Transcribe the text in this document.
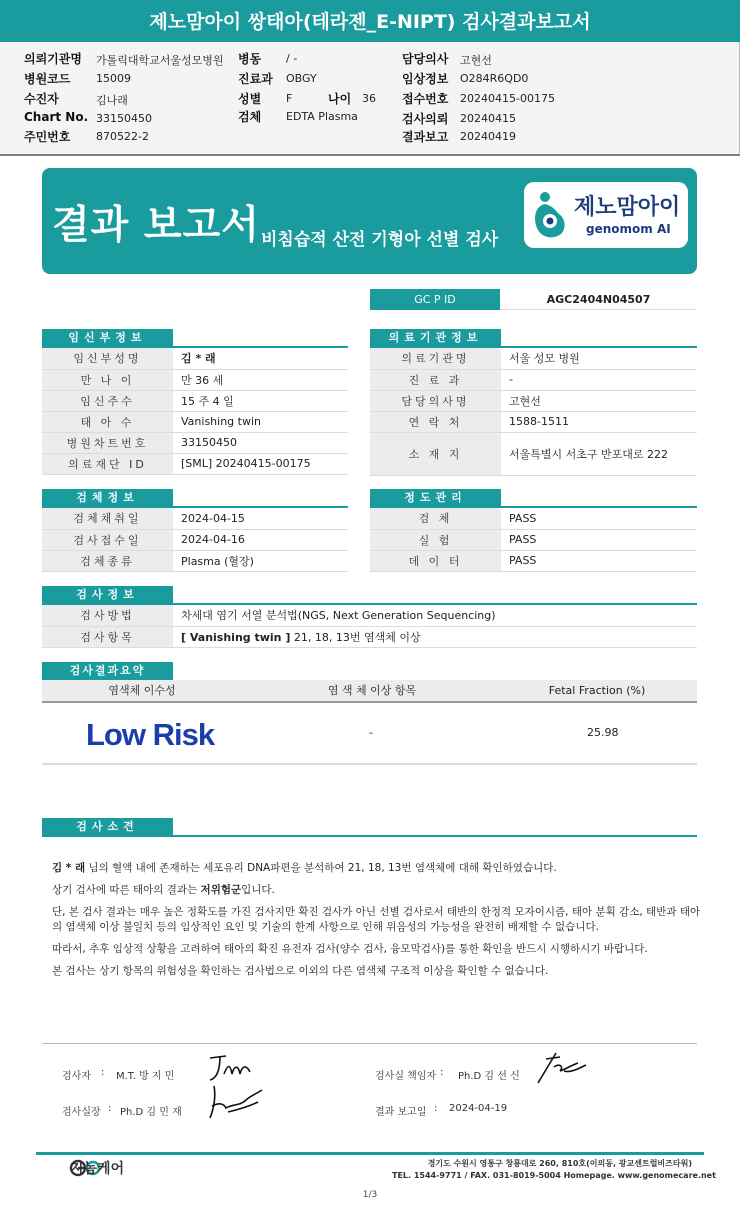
제노맘아이 쌍태아(테라젠_E-NIPT) 검사결과보고서
의뢰기관명 가톨릭대학교서울성모병원
병원코드 15009
수진자	김나래
Chart No. 33150450
주민번호 870522-2
병동 / -
진료과 OBGY
성별 F	나이 36
검체 EDTA Plasma
담당의사 고현선
임상정보 O284R6QD0
접수번호 20240415-00175
검사의뢰 20240415
결과보고 20240419
결과 보고서 비침습적 산전 기형아 선별 검사
제노맘아이
genomom AI
GC P ID	AGC2404N04507
임신부정보
임신부성명	김 * 래
만 나 이	만 36 세
임신주수	15 주 4 일
태 아 수	Vanishing twin
병원차트번호	33150450
의료재단 ID	[SML] 20240415-00175
의료기관정보
의료기관명	서울 성모 병원
진 료 과	-
담당의사명	고현선
연 락 처	1588-1511
소 재 지	서울특별시 서초구 반포대로 222
검체정보
검체채취일	2024-04-15
검사접수일	2024-04-16
검체종류	Plasma (혈장)
정도관리
검 체	PASS
실 험	PASS
데 이 터	PASS
검사정보
검사방법	차세대 염기 서열 분석법(NGS, Next Generation Sequencing)
검사항목	[ Vanishing twin ] 21, 18, 13번 염색체 이상
검사결과요약
염색체 이수성	염 색 체 이상 항목	Fetal Fraction (%)
Low Risk	-	25.98
검사소견

김 * 래 님의 혈액 내에 존재하는 세포유리 DNA파편을 분석하여 21, 18, 13번 염색체에 대해 확인하였습니다.

상기 검사에 따른 태아의 결과는 저위험군입니다.

단, 본 검사 결과는 매우 높은 정확도를 가진 검사지만 확진 검사가 아닌 선별 검사로서 태반의 한정적 모자이시즘, 태아 분획 감소, 태반과 태아의 염색체 이상 불일치 등의 임상적인 요인 및 기술의 한계 사항으로 인해 위음성의 가능성을 완전히 배제할 수 없습니다.

따라서, 추후 임상적 상황을 고려하여 태아의 확진 유전자 검사(양수 검사, 융모막검사)를 통한 확인을 반드시 시행하시기 바랍니다.

본 검사는 상기 항목의 위험성을 확인하는 검사법으로 이외의 다른 염색체 구조적 이상을 확인할 수 없습니다.

검사자 : M.T. 방 지 민	검사실 책임자 : Ph.D 김 선 신
검사실장 : Ph.D 김 민 재	결과 보고일 : 2024-04-19
지놈케어	경기도 수원시 영통구 창룡대로 260, 810호(이의동, 광교센트럴비즈타워)
TEL. 1544-9771 / FAX. 031-8019-5004 Homepage. www.genomecare.net
1/3
